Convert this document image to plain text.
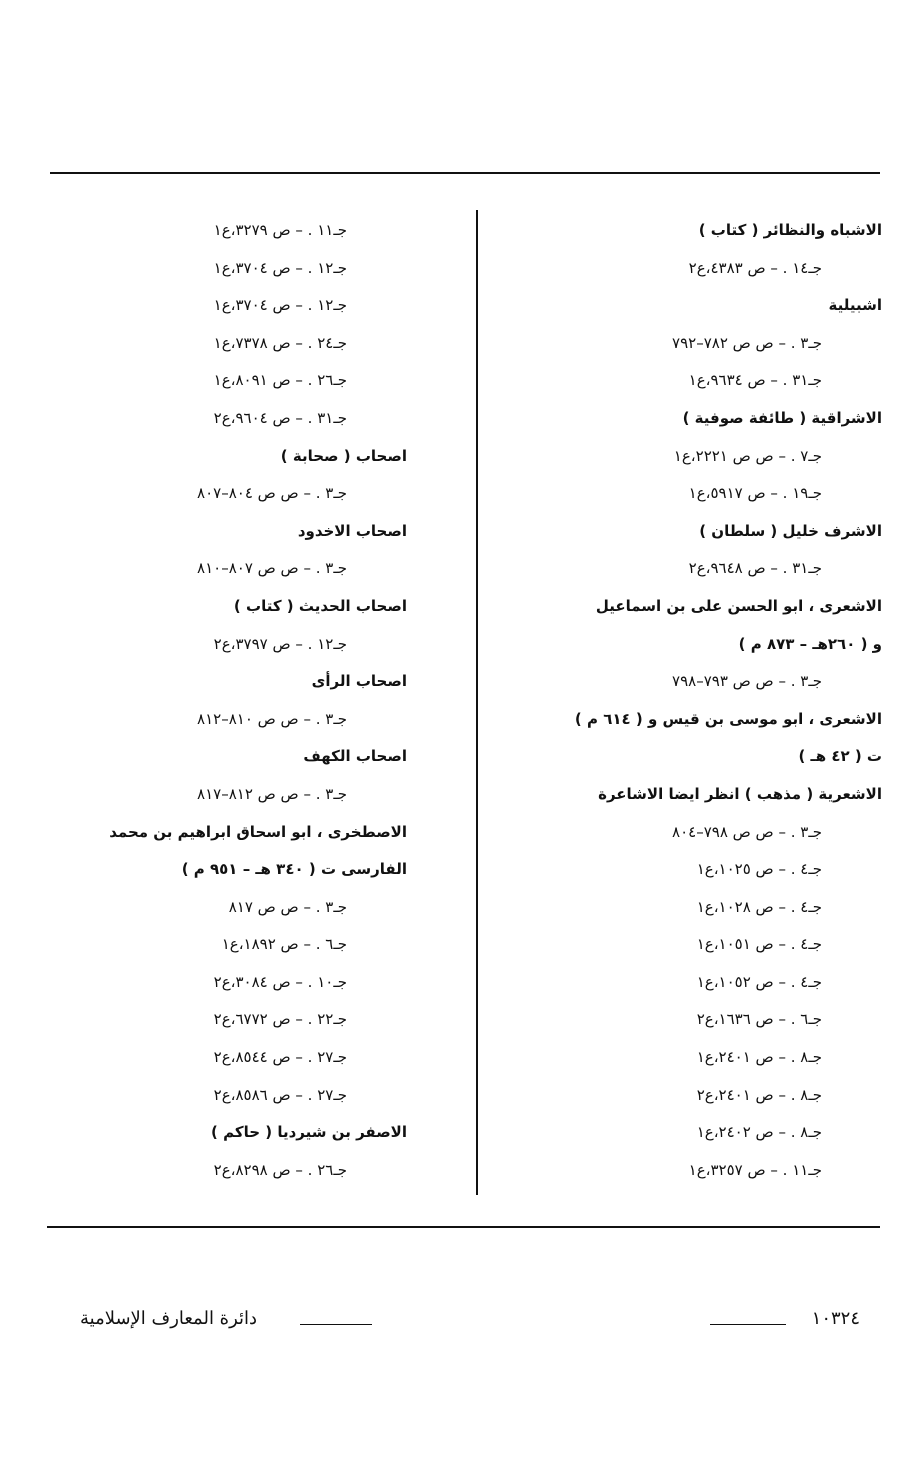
الاشباه والنظائر ( كتاب )
جـ١٤ . – ص ٤٣٨٣،ع٢
اشبيلية
جـ٣ . – ص ص ٧٨٢–٧٩٢
جـ٣١ . – ص ٩٦٣٤،ع١
الاشراقية ( طائفة صوفية )
جـ٧ . – ص ص ٢٢٢١،ع١
جـ١٩ . – ص ٥٩١٧،ع١
الاشرف خليل ( سلطان )
جـ٣١ . – ص ٩٦٤٨،ع٢
الاشعرى ، ابو الحسن على بن اسماعيل
و ( ٢٦٠هـ – ٨٧٣ م )
جـ٣ . – ص ص ٧٩٣–٧٩٨
الاشعرى ، ابو موسى بن قيس و ( ٦١٤ م )
ت ( ٤٢ هـ )
الاشعرية ( مذهب ) انظر ايضا الاشاعرة
جـ٣ . – ص ص ٧٩٨–٨٠٤
جـ٤ . – ص ١٠٢٥،ع١
جـ٤ . – ص ١٠٢٨،ع١
جـ٤ . – ص ١٠٥١،ع١
جـ٤ . – ص ١٠٥٢،ع١
جـ٦ . – ص ١٦٣٦،ع٢
جـ٨ . – ص ٢٤٠١،ع١
جـ٨ . – ص ٢٤٠١،ع٢
جـ٨ . – ص ٢٤٠٢،ع١
جـ١١ . – ص ٣٢٥٧،ع١
جـ١١ . – ص ٣٢٧٩،ع١
جـ١٢ . – ص ٣٧٠٤،ع١
جـ١٢ . – ص ٣٧٠٤،ع١
جـ٢٤ . – ص ٧٣٧٨،ع١
جـ٢٦ . – ص ٨٠٩١،ع١
جـ٣١ . – ص ٩٦٠٤،ع٢
اصحاب ( صحابة )
جـ٣ . – ص ص ٨٠٤–٨٠٧
اصحاب الاخدود
جـ٣ . – ص ص ٨٠٧–٨١٠
اصحاب الحديث ( كتاب )
جـ١٢ . – ص ٣٧٩٧،ع٢
اصحاب الرأى
جـ٣ . – ص ص ٨١٠–٨١٢
اصحاب الكهف
جـ٣ . – ص ص ٨١٢–٨١٧
الاصطخرى ، ابو اسحاق ابراهيم بن محمد
الفارسى ت ( ٣٤٠ هـ – ٩٥١ م )
جـ٣ . – ص ص ٨١٧
جـ٦ . – ص ١٨٩٢،ع١
جـ١٠ . – ص ٣٠٨٤،ع٢
جـ٢٢ . – ص ٦٧٧٢،ع٢
جـ٢٧ . – ص ٨٥٤٤،ع٢
جـ٢٧ . – ص ٨٥٨٦،ع٢
الاصفر بن شيرديا ( حاكم )
جـ٢٦ . – ص ٨٢٩٨،ع٢
١٠٣٢٤
دائرة المعارف الإسلامية
